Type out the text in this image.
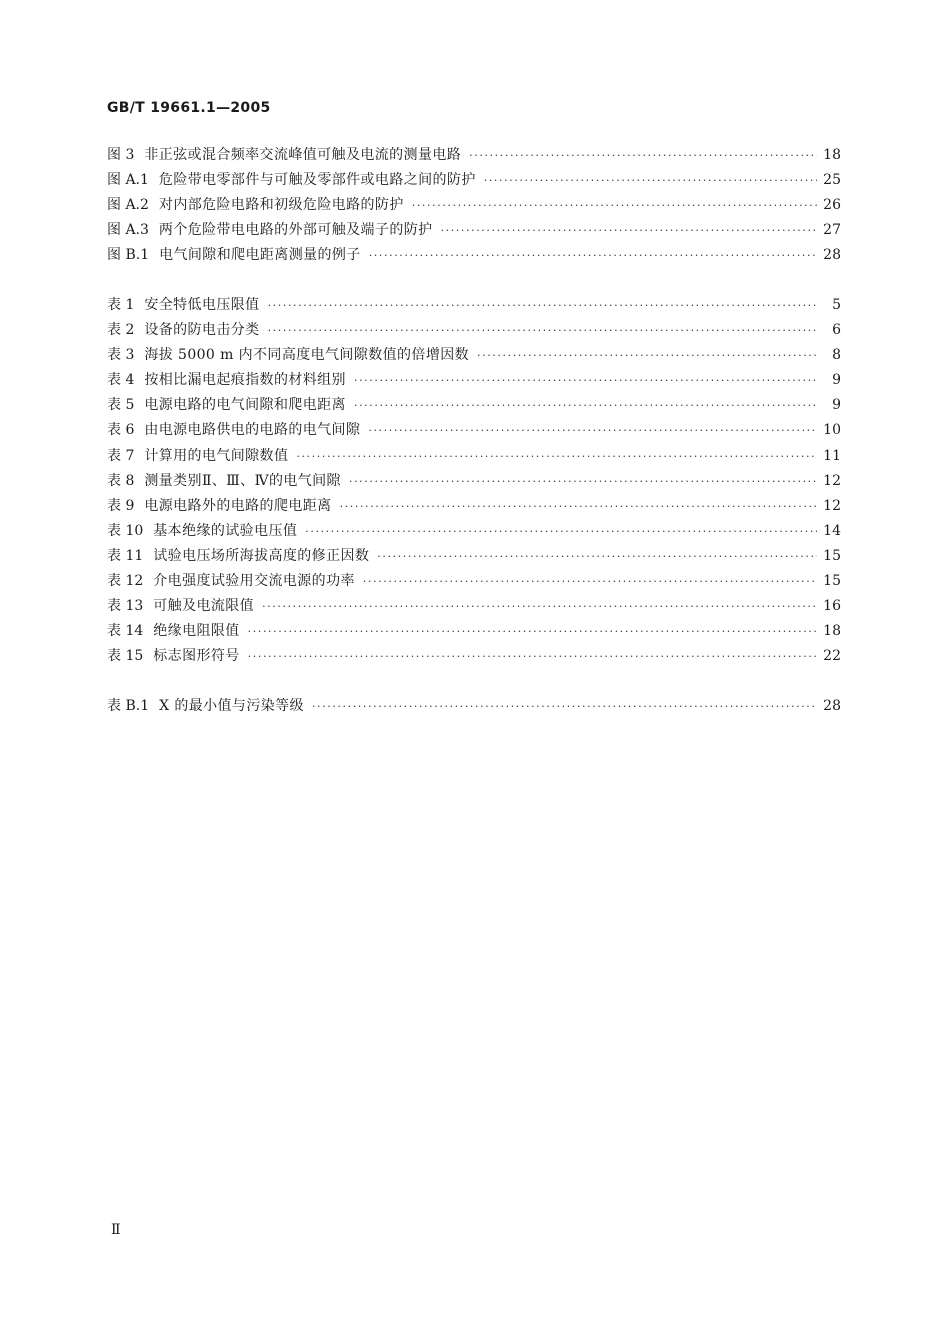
GB/T 19661.1—2005
图 3 非正弦或混合频率交流峰值可触及电流的测量电路 ·····	18
图 A.1 危险带电零部件与可触及零部件或电路之间的防护 ·····	25
图 A.2 对内部危险电路和初级危险电路的防护 ·····	26
图 A.3 两个危险带电电路的外部可触及端子的防护 ·····	27
图 B.1 电气间隙和爬电距离测量的例子 ·····	28
表 1 安全特低电压限值 ·····	5
表 2 设备的防电击分类 ·····	6
表 3 海拔 5000 m 内不同高度电气间隙数值的倍增因数 ·····	8
表 4 按相比漏电起痕指数的材料组别 ·····	9
表 5 电源电路的电气间隙和爬电距离 ·····	9
表 6 由电源电路供电的电路的电气间隙 ·····	10
表 7 计算用的电气间隙数值 ·····	11
表 8 测量类别Ⅱ、Ⅲ、Ⅳ的电气间隙 ·····	12
表 9 电源电路外的电路的爬电距离 ·····	12
表 10 基本绝缘的试验电压值 ·····	14
表 11 试验电压场所海拔高度的修正因数 ·····	15
表 12 介电强度试验用交流电源的功率 ·····	15
表 13 可触及电流限值 ·····	16
表 14 绝缘电阻限值 ·····	18
表 15 标志图形符号 ·····	22
表 B.1 X 的最小值与污染等级 ·····	28
Ⅱ
